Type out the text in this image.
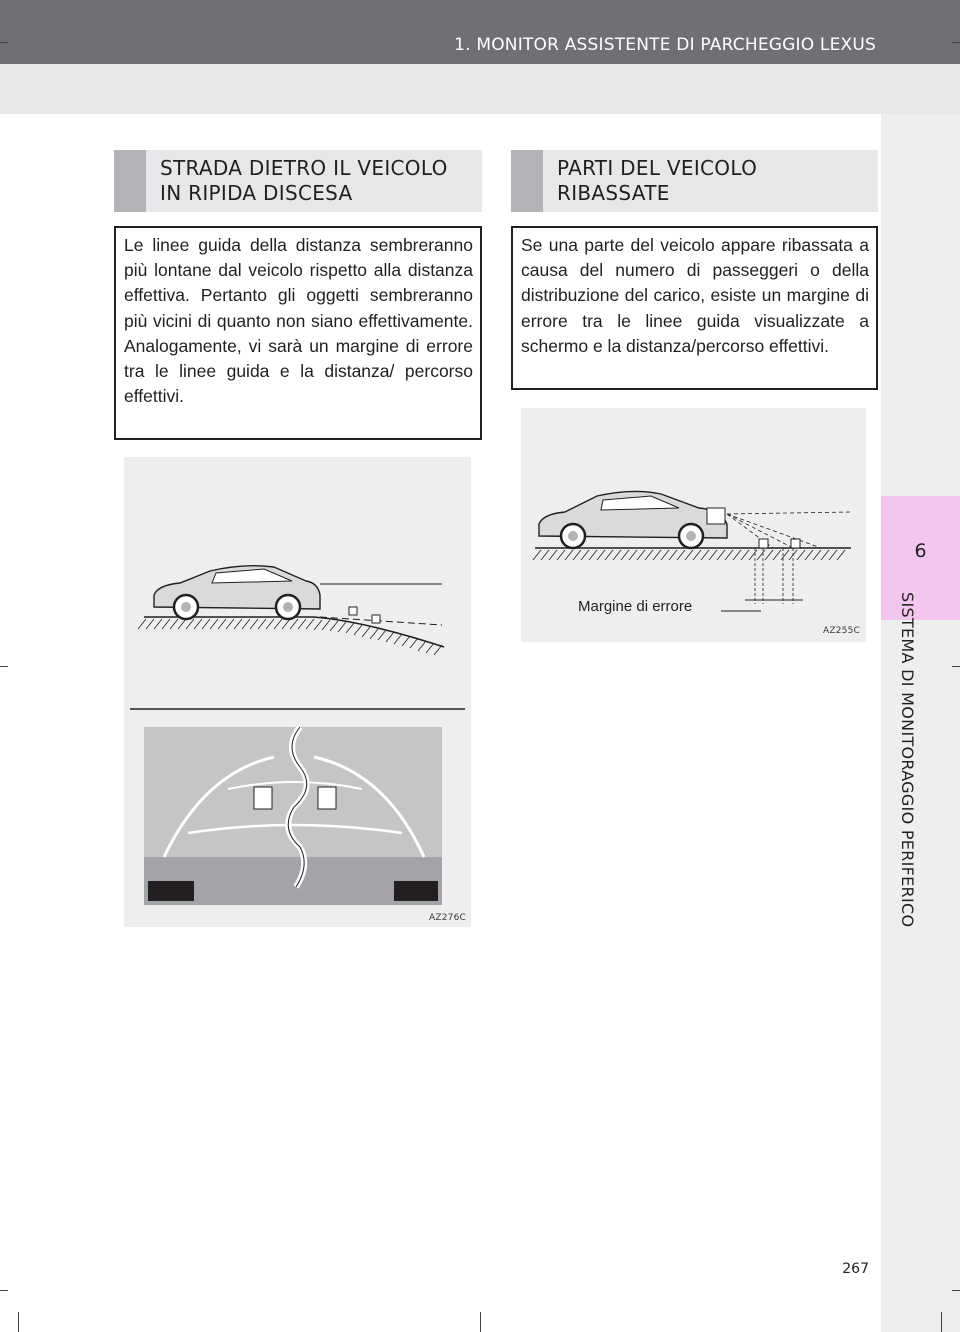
1. MONITOR ASSISTENTE DI PARCHEGGIO LEXUS
6
SISTEMA DI MONITORAGGIO PERIFERICO
STRADA DIETRO IL VEICOLO
IN RIPIDA DISCESA

Le linee guida della distanza sembreranno più lontane dal veicolo rispetto alla distanza effettiva. Pertanto gli oggetti sembreranno più vicini di quanto non siano effettivamente. Analogamente, vi sarà un margine di errore tra le linee guida e la distanza/ percorso effettivi.

AZ276C
PARTI DEL VEICOLO
RIBASSATE

Se una parte del veicolo appare ribassata a causa del numero di passeggeri o della distribuzione del carico, esiste un margine di errore tra le linee guida visualizzate a schermo e la distanza/percorso effettivi.

Margine di errore
AZ255C
267
